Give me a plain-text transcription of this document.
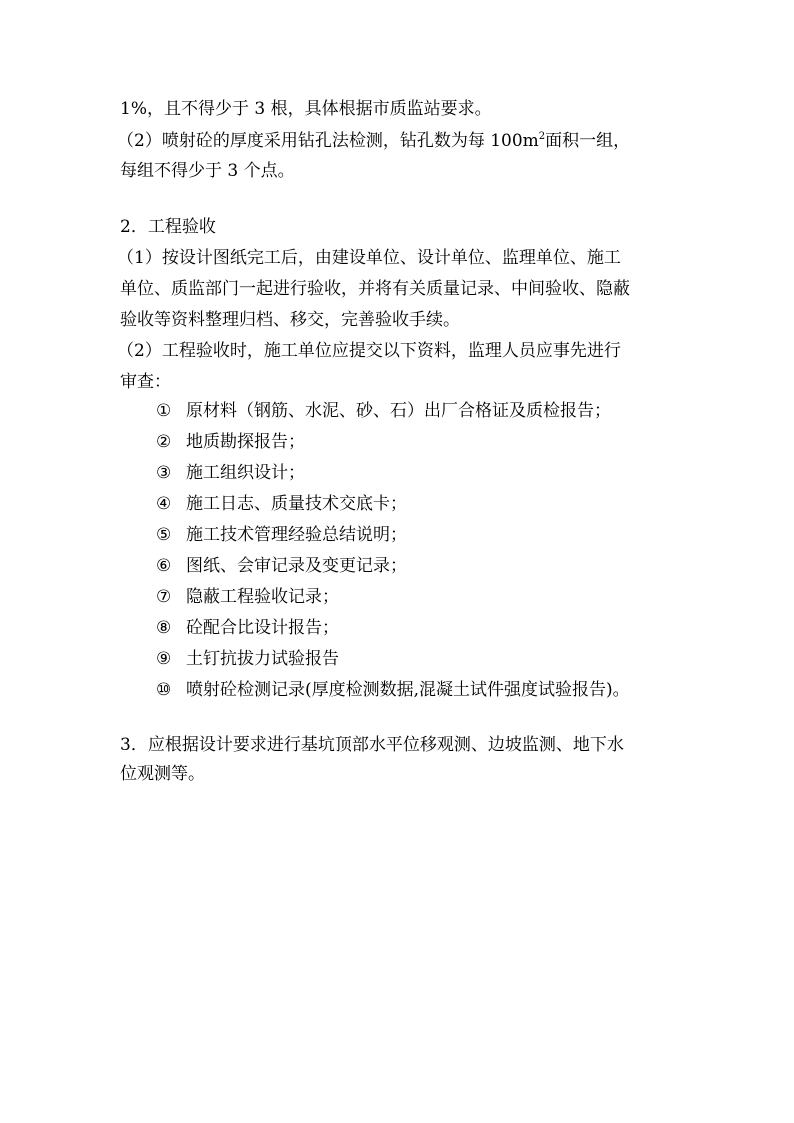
1%，且不得少于 3 根，具体根据市质监站要求。
（2）喷射砼的厚度采用钻孔法检测，钻孔数为每 $100m^2$面积一组，
每组不得少于 3 个点。
2．工程验收
（1）按设计图纸完工后，由建设单位、设计单位、监理单位、施工
单位、质监部门一起进行验收，并将有关质量记录、中间验收、隐蔽
验收等资料整理归档、移交，完善验收手续。
（2）工程验收时，施工单位应提交以下资料，监理人员应事先进行
审查：
① 原材料（钢筋、水泥、砂、石）出厂合格证及质检报告；
② 地质勘探报告；
③ 施工组织设计；
④ 施工日志、质量技术交底卡；
⑤ 施工技术管理经验总结说明；
⑥ 图纸、会审记录及变更记录；
⑦ 隐蔽工程验收记录；
⑧ 砼配合比设计报告；
⑨ 土钉抗拔力试验报告
⑩ 喷射砼检测记录(厚度检测数据,混凝土试件强度试验报告)。
3．应根据设计要求进行基坑顶部水平位移观测、边坡监测、地下水
位观测等。
